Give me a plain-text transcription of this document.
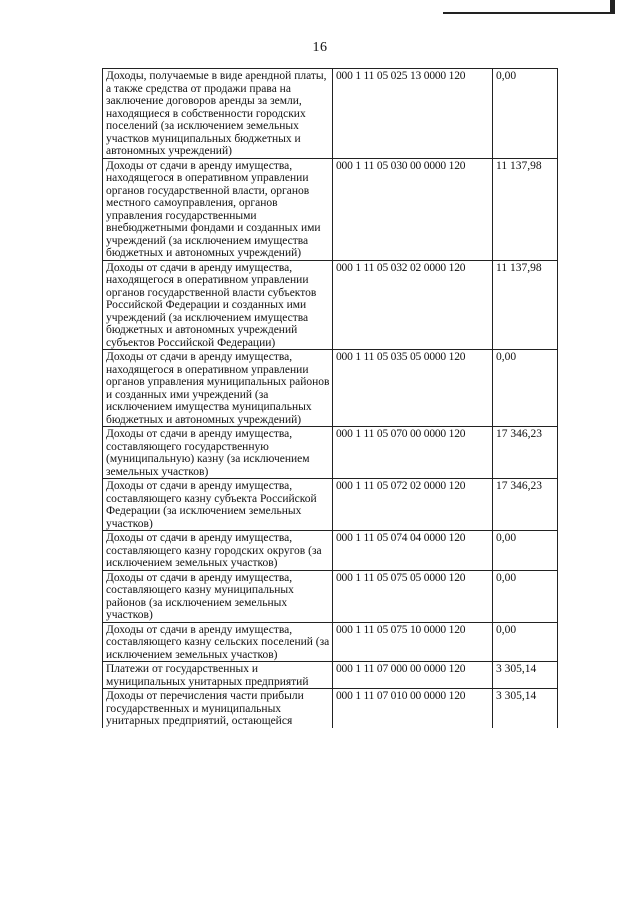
16
Доходы, получаемые в виде арендной платы, а также средства от продажи права на заключение договоров аренды за земли, находящиеся в собственности городских поселений (за исключением земельных участков муниципальных бюджетных и автономных учреждений)	000 1 11 05 025 13 0000 120	0,00
Доходы от сдачи в аренду имущества, находящегося в оперативном управлении органов государственной власти, органов местного самоуправления, органов управления государственными внебюджетными фондами и созданных ими учреждений (за исключением имущества бюджетных и автономных учреждений)	000 1 11 05 030 00 0000 120	11 137,98
Доходы от сдачи в аренду имущества, находящегося в оперативном управлении органов государственной власти субъектов Российской Федерации и созданных ими учреждений (за исключением имущества бюджетных и автономных учреждений субъектов Российской Федерации)	000 1 11 05 032 02 0000 120	11 137,98
Доходы от сдачи в аренду имущества, находящегося в оперативном управлении органов управления муниципальных районов и созданных ими учреждений (за исключением имущества муниципальных бюджетных и автономных учреждений)	000 1 11 05 035 05 0000 120	0,00
Доходы от сдачи в аренду имущества, составляющего государственную (муниципальную) казну (за исключением земельных участков)	000 1 11 05 070 00 0000 120	17 346,23
Доходы от сдачи в аренду имущества, составляющего казну субъекта Российской Федерации (за исключением земельных участков)	000 1 11 05 072 02 0000 120	17 346,23
Доходы от сдачи в аренду имущества, составляющего казну городских округов (за исключением земельных участков)	000 1 11 05 074 04 0000 120	0,00
Доходы от сдачи в аренду имущества, составляющего казну муниципальных районов (за исключением земельных участков)	000 1 11 05 075 05 0000 120	0,00
Доходы от сдачи в аренду имущества, составляющего казну сельских поселений (за исключением земельных участков)	000 1 11 05 075 10 0000 120	0,00
Платежи от государственных и муниципальных унитарных предприятий	000 1 11 07 000 00 0000 120	3 305,14
Доходы от перечисления части прибыли государственных и муниципальных унитарных предприятий, остающейся	000 1 11 07 010 00 0000 120	3 305,14
